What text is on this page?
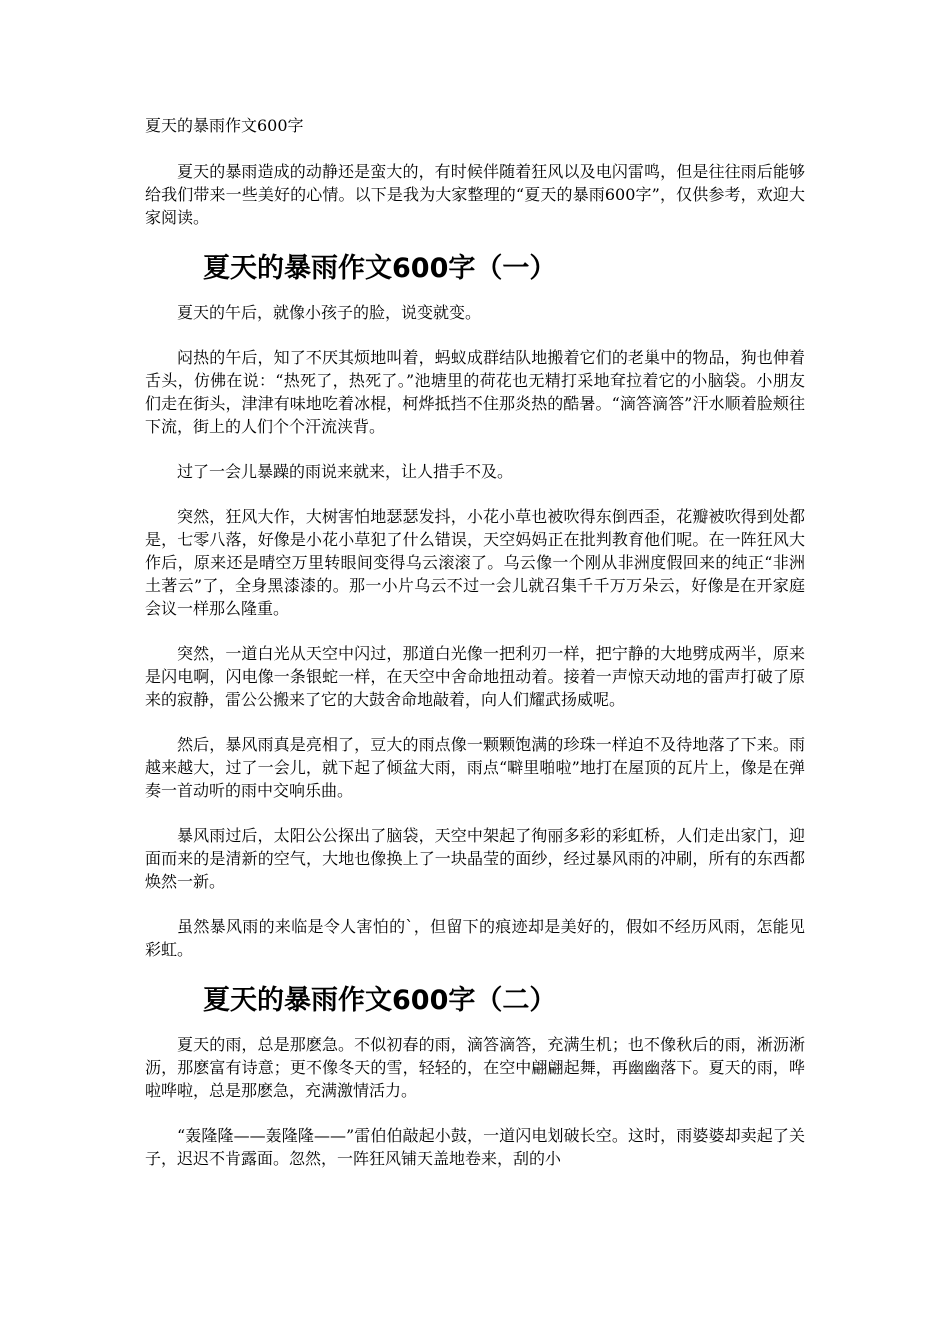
夏天的暴雨作文600字

夏天的暴雨造成的动静还是蛮大的，有时候伴随着狂风以及电闪雷鸣，但是往往雨后能够给我们带来一些美好的心情。以下是我为大家整理的“夏天的暴雨600字”，仅供参考，欢迎大家阅读。

夏天的暴雨作文600字（一）

夏天的午后，就像小孩子的脸，说变就变。

闷热的午后，知了不厌其烦地叫着，蚂蚁成群结队地搬着它们的老巢中的物品，狗也伸着舌头，仿佛在说：“热死了，热死了。”池塘里的荷花也无精打采地耷拉着它的小脑袋。小朋友们走在街头，津津有味地吃着冰棍，柯烨抵挡不住那炎热的酷暑。“滴答滴答”汗水顺着脸颊往下流，街上的人们个个汗流浃背。

过了一会儿暴躁的雨说来就来，让人措手不及。

突然，狂风大作，大树害怕地瑟瑟发抖，小花小草也被吹得东倒西歪，花瓣被吹得到处都是，七零八落，好像是小花小草犯了什么错误，天空妈妈正在批判教育他们呢。在一阵狂风大作后，原来还是晴空万里转眼间变得乌云滚滚了。乌云像一个刚从非洲度假回来的纯正“非洲土著云”了，全身黑漆漆的。那一小片乌云不过一会儿就召集千千万万朵云，好像是在开家庭会议一样那么隆重。

突然，一道白光从天空中闪过，那道白光像一把利刃一样，把宁静的大地劈成两半，原来是闪电啊，闪电像一条银蛇一样，在天空中舍命地扭动着。接着一声惊天动地的雷声打破了原来的寂静，雷公公搬来了它的大鼓舍命地敲着，向人们耀武扬威呢。

然后，暴风雨真是亮相了，豆大的雨点像一颗颗饱满的珍珠一样迫不及待地落了下来。雨越来越大，过了一会儿，就下起了倾盆大雨，雨点“噼里啪啦”地打在屋顶的瓦片上，像是在弹奏一首动听的雨中交响乐曲。

暴风雨过后，太阳公公探出了脑袋，天空中架起了徇丽多彩的彩虹桥，人们走出家门，迎面而来的是清新的空气，大地也像换上了一块晶莹的面纱，经过暴风雨的冲刷，所有的东西都焕然一新。

虽然暴风雨的来临是令人害怕的`，但留下的痕迹却是美好的，假如不经历风雨，怎能见彩虹。

夏天的暴雨作文600字（二）

夏天的雨，总是那麽急。不似初春的雨，滴答滴答，充满生机；也不像秋后的雨，淅沥淅沥，那麽富有诗意；更不像冬天的雪，轻轻的，在空中翩翩起舞，再幽幽落下。夏天的雨，哗啦哗啦，总是那麽急，充满激情活力。

“轰隆隆——轰隆隆——”雷伯伯敲起小鼓，一道闪电划破长空。这时，雨婆婆却卖起了关子，迟迟不肯露面。忽然，一阵狂风铺天盖地卷来，刮的小
